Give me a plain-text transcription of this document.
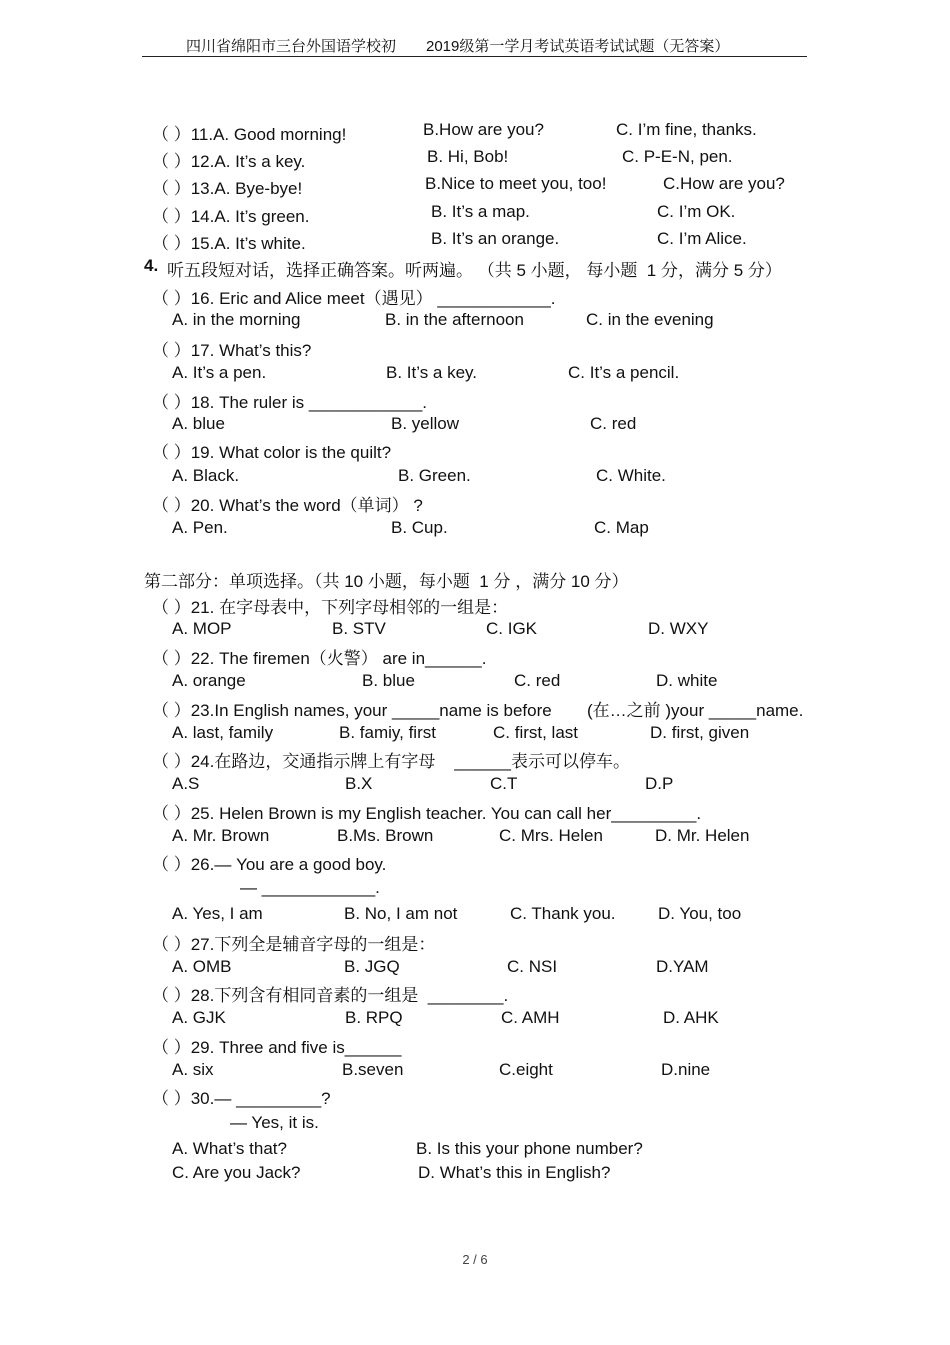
四川省绵阳市三台外国语学校初 2019级第一学月考试英语考试试题（无答案）
（ ）11.A. Good morning!	B.How are you?	C. I’m fine, thanks.
（ ）12.A. It’s a key.	B. Hi, Bob!	C. P-E-N, pen.
（ ）13.A. Bye-bye!	B.Nice to meet you, too!	C.How are you?
（ ）14.A. It’s green.	B. It’s a map.	C. I’m OK.
（ ）15.A. It’s white.	B. It’s an orange.	C. I’m Alice.
4. 听五段短对话，选择正确答案。听两遍。 （共 5 小题， 每小题  1 分，满分 5 分）
（ ）16. Eric and Alice meet（遇见） ____________.
A. in the morning	B. in the afternoon	C. in the evening
（ ）17. What’s this?
A. It’s a pen.	B. It’s a key.	C. It’s a pencil.
（ ）18. The ruler is ____________.
A. blue	B. yellow	C. red
（ ）19. What color is the quilt?
A. Black.	B. Green.	C. White.
（ ）20. What’s the word（单词） ?
A. Pen.	B. Cup.	C. Map
第二部分：单项选择。（共 10 小题，每小题  1 分 ，满分 10 分）
（ ）21. 在字母表中，下列字母相邻的一组是：
A. MOP	B. STV	C. IGK	D. WXY
（ ）22. The firemen（火警） are in______.
A. orange	B. blue	C. red	D. white
（ ）23.In English names, your _____name is before (在…之前 )your _____name.
A. last, family	B. famiy, first	C. first, last	D. first, given
（ ）24.在路边，交通指示牌上有字母    ______表示可以停车。
A.S	B.X	C.T	D.P
（ ）25. Helen Brown is my English teacher. You can call her_________.
A. Mr. Brown	B.Ms. Brown	C. Mrs. Helen	D. Mr. Helen
（ ）26.— You are a good boy.
— ____________.
A. Yes, I am	B. No, I am not	C. Thank you. D. You, too
（ ）27.下列全是辅音字母的一组是：
A. OMB	B. JGQ	C. NSI	D.YAM
（ ）28.下列含有相同音素的一组是  ________.
A. GJK	B. RPQ	C. AMH	D. AHK
（ ）29. Three and five is______
A. six	B.seven	C.eight	D.nine
（ ）30.— _________?
— Yes, it is.
A. What’s that?	B. Is this your phone number?
C. Are you Jack?	D. What’s this in English?
2 / 6
